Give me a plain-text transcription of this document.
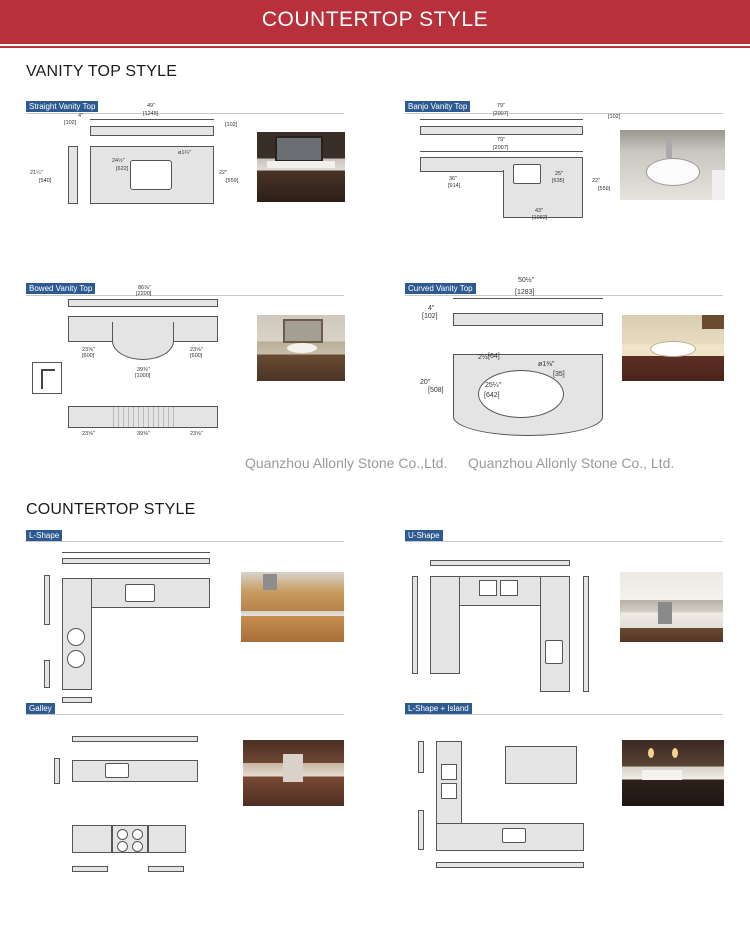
COUNTERTOP STYLE
VANITY TOP STYLE
Straight Vanity Top	49"
[1245]
4"
[102]	[102]
21¼"
[540]
24½"
[622]
ø1¼"
22"
[559]
Banjo Vanity Top	79"
[2007]	[102]
79"
[2007]
36"
[914]
25"
[635]
43"
[1092]
22"
[559]
Bowed Vanity Top	86⅝"
[2200]
23⅝"
[600]
23⅝"
[600]
39⅜"
[1000]
23⅝"	39⅜"	23⅝"
Curved Vanity Top
50½"
[1283]
4"
[102]
2½"
[64]
25¼"
[642]
ø1⅜"
[35]
20"
[508]
Quanzhou Allonly Stone Co.,Ltd. Quanzhou Allonly Stone Co., Ltd.
COUNTERTOP STYLE
L-Shape	U-Shape
Galley	L-Shape + Island
